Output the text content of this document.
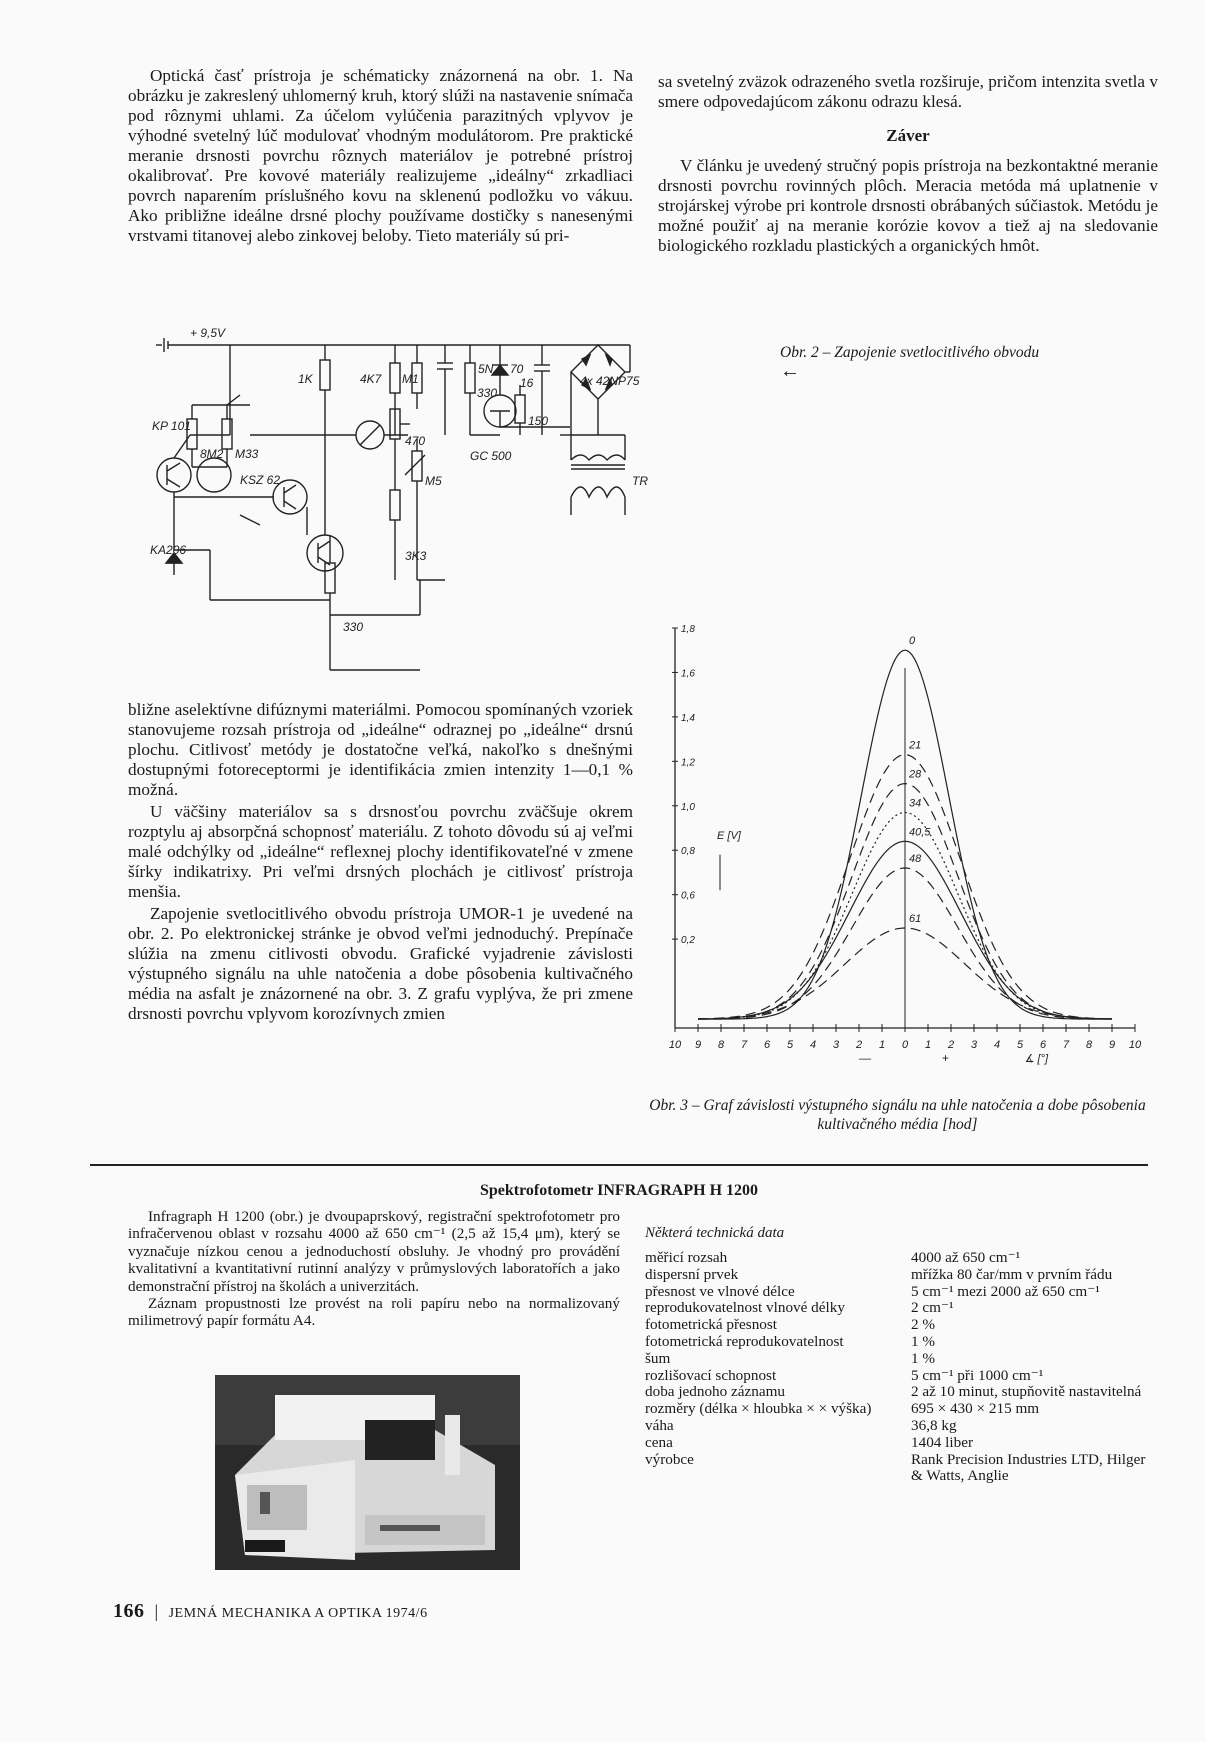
Optická časť prístroja je schématicky znázornená na obr. 1. Na obrázku je zakreslený uhlomerný kruh, ktorý slúži na nastavenie snímača pod rôznymi uhlami. Za účelom vylúčenia parazitných vplyvov je výhodné svetelný lúč modulovať vhodným modulátorom. Pre praktické meranie drsnosti povrchu rôznych materiálov je potrebné prístroj okalibrovať. Pre kovové materiály realizujeme „ideálny“ zrkadliaci povrch naparením príslušného kovu na sklenenú podložku vo vákuu. Ako približne ideálne drsné plochy používame dostičky s nanesenými vrstvami titanovej alebo zinkovej beloby. Tieto materiály sú pri-

sa svetelný zväzok odrazeného svetla rozširuje, pričom intenzita svetla v smere odpovedajúcom zákonu odrazu klesá.

Záver

V článku je uvedený stručný popis prístroja na bezkontaktné meranie drsnosti povrchu rovinných plôch. Meracia metóda má uplatnenie v strojárskej výrobe pri kontrole drsnosti obrábaných súčiastok. Metódu je možné použiť aj na meranie korózie kovov a tiež aj na sledovanie biologického rozkladu plastických a organických hmôt.

+ 9,5V
KP 101
KA206
KSZ 62
1K	4K7 M1
470
M5
8M2 M33
3K3
330
5NZ 70
330
16
150
GC 500
4x 42NP75
TR
Obr. 2 – Zapojenie svetlocitlivého obvodu
←

bližne aselektívne difúznymi materiálmi. Pomocou spomínaných vzoriek stanovujeme rozsah prístroja od „ideálne“ odraznej po „ideálne“ drsnú plochu. Citlivosť metódy je dostatočne veľká, nakoľko s dnešnými dostupnými fotoreceptormi je identifikácia zmien intenzity 1—0,1 % možná.

U väčšiny materiálov sa s drsnosťou povrchu zväčšuje okrem rozptylu aj absorpčná schopnosť materiálu. Z tohoto dôvodu sú aj veľmi malé odchýlky od „ideálne“ reflexnej plochy identifikovateľné v zmene šírky indikatrixy. Pri veľmi drsných plochách je citlivosť prístroja menšia.

Zapojenie svetlocitlivého obvodu prístroja UMOR-1 je uvedené na obr. 2. Po elektronickej stránke je obvod veľmi jednoduchý. Prepínače slúžia na zmenu citlivosti obvodu. Grafické vyjadrenie závislosti výstupného signálu na uhle natočenia a dobe pôsobenia kultivačného média na asfalt je znázornené na obr. 3. Z grafu vyplýva, že pri zmene drsnosti povrchu vplyvom korozívnych zmien

10 9 8 7 6 5 4 3 2 1 0 1 2 3 4 5 6 7 8 9 10
1,8
1,6
1,4
1,2
1,0
0,8
0,6
0,2
E [V]
∡ [°]
—	+
0
21
28
34
40,5
48
61
Obr. 3 – Graf závislosti výstupného signálu na uhle natočenia a dobe pôsobenia kultivačného média [hod]
Spektrofotometr INFRAGRAPH H 1200

Infragraph H 1200 (obr.) je dvoupaprskový, registrační spektrofotometr pro infračervenou oblast v rozsahu 4000 až 650 cm⁻¹ (2,5 až 15,4 μm), který se vyznačuje nízkou cenou a jednoduchostí obsluhy. Je vhodný pro provádění kvalitativní a kvantitativní rutinní analýzy v průmyslových laboratořích a jako demonstrační přístroj na školách a univerzitách.

Záznam propustnosti lze provést na roli papíru nebo na normalizovaný milimetrový papír formátu A4.

Některá technická data
měřicí rozsah	4000 až 650 cm⁻¹
dispersní prvek	mřížka 80 čar/mm v prvním řádu
přesnost ve vlnové délce	5 cm⁻¹ mezi 2000 až 650 cm⁻¹
reprodukovatelnost vlnové délky	2 cm⁻¹
fotometrická přesnost	2 %
fotometrická reprodukovatelnost	1 %
šum	1 %
rozlišovací schopnost	5 cm⁻¹ při 1000 cm⁻¹
doba jednoho záznamu	2 až 10 minut, stupňovitě nastavitelná
rozměry (délka × hloubka × × výška)	695 × 430 × 215 mm
váha	36,8 kg
cena	1404 liber
výrobce	Rank Precision Industries LTD, Hilger & Watts, Anglie
166 | JEMNÁ MECHANIKA A OPTIKA 1974/6
